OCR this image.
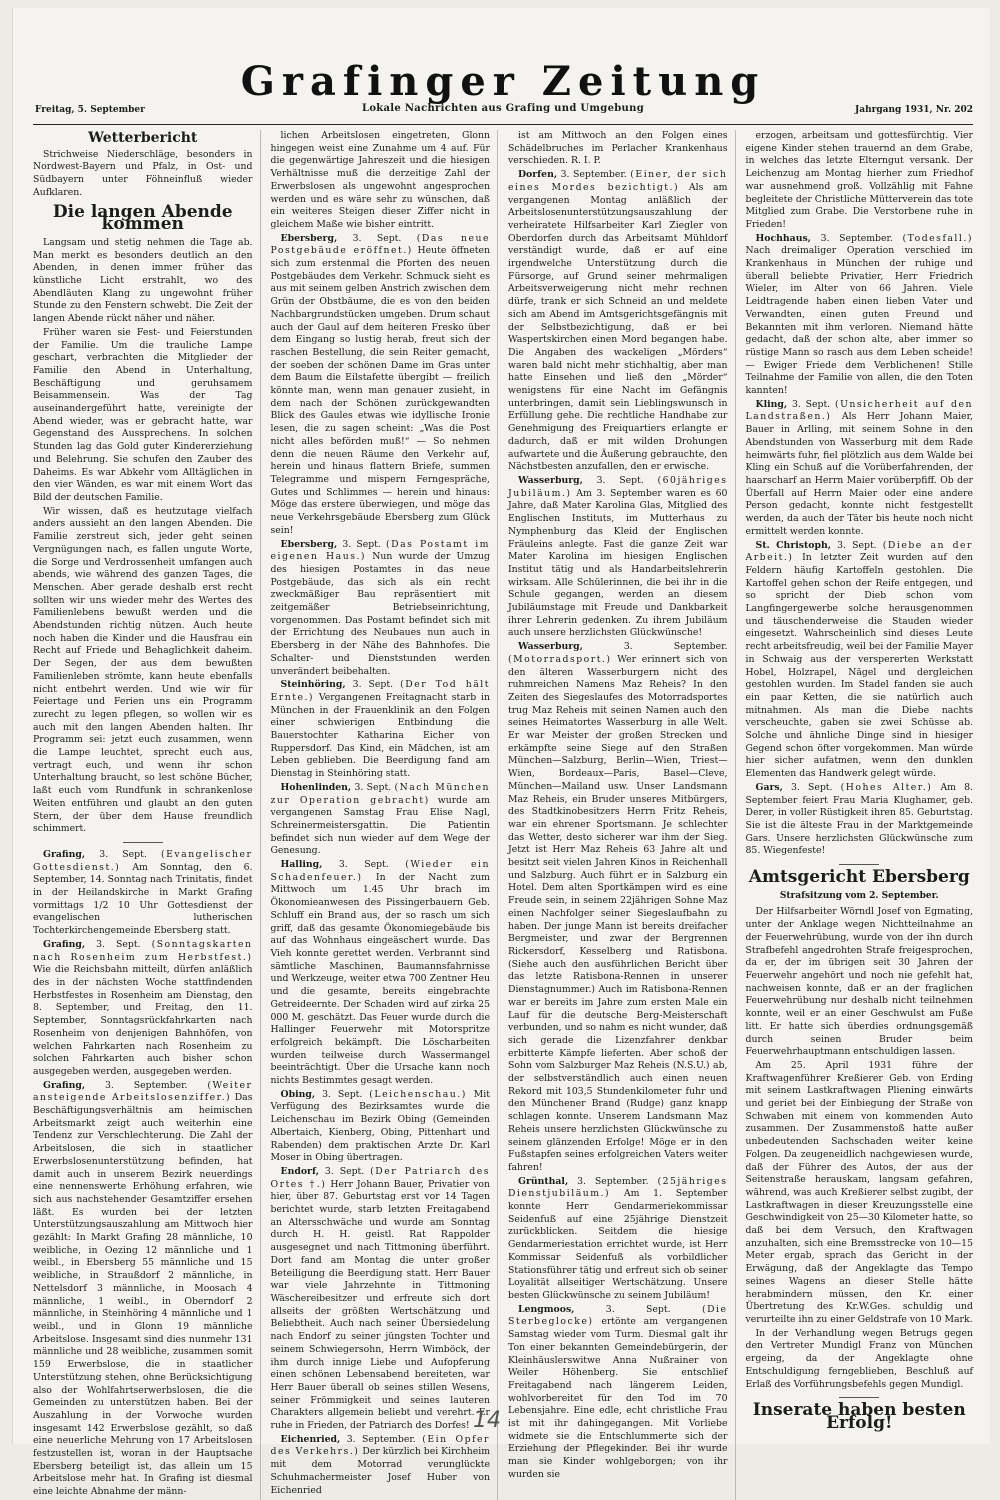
Grafinger Zeitung
Freitag, 5. September	Lokale Nachrichten aus Grafing und Umgebung	Jahrgang 1931, Nr. 202
Wetterbericht

Strichweise Niederschläge, besonders in Nordwest-Bayern und Pfalz, in Ost- und Südbayern unter Föhneinfluß wieder Aufklaren.

Die langen Abende kommen

Langsam und stetig nehmen die Tage ab. Man merkt es besonders deutlich an den Abenden, in denen immer früher das künstliche Licht erstrahlt, wo des Abendläuten Klang zu ungewohnt früher Stunde zu den Fenstern schwebt. Die Zeit der langen Abende rückt näher und näher.

Früher waren sie Fest- und Feierstunden der Familie. Um die trauliche Lampe geschart, verbrachten die Mitglieder der Familie den Abend in Unterhaltung, Beschäftigung und geruhsamem Beisammensein. Was der Tag auseinandergeführt hatte, vereinigte der Abend wieder, was er gebracht hatte, war Gegenstand des Aussprechens. In solchen Stunden lag das Gold guter Kindererziehung und Belehrung. Sie schufen den Zauber des Daheims. Es war Abkehr vom Alltäglichen in den vier Wänden, es war mit einem Wort das Bild der deutschen Familie.

Wir wissen, daß es heutzutage vielfach anders aussieht an den langen Abenden. Die Familie zerstreut sich, jeder geht seinen Vergnügungen nach, es fallen ungute Worte, die Sorge und Verdrossenheit umfangen auch abends, wie während des ganzen Tages, die Menschen. Aber gerade deshalb erst recht sollten wir uns wieder mehr des Wertes des Familienlebens bewußt werden und die Abendstunden richtig nützen. Auch heute noch haben die Kinder und die Hausfrau ein Recht auf Friede und Behaglichkeit daheim. Der Segen, der aus dem bewußten Familienleben strömte, kann heute ebenfalls nicht entbehrt werden. Und wie wir für Feiertage und Ferien uns ein Programm zurecht zu legen pflegen, so wollen wir es auch mit den langen Abenden halten. Ihr Programm sei: jetzt euch zusammen, wenn die Lampe leuchtet, sprecht euch aus, vertragt euch, und wenn ihr schon Unterhaltung braucht, so lest schöne Bücher, laßt euch vom Rundfunk in schrankenlose Weiten entführen und glaubt an den guten Stern, der über dem Hause freundlich schimmert.

Grafing, 3. Sept. (Evangelischer Gottesdienst.) Am Sonntag, den 6. September, 14. Sonntag nach Trinitatis, findet in der Heilandskirche in Markt Grafing vormittags 1/2 10 Uhr Gottesdienst der evangelischen lutherischen Tochterkirchengemeinde Ebersberg statt.

Grafing, 3. Sept. (Sonntagskarten nach Rosenheim zum Herbstfest.) Wie die Reichsbahn mitteilt, dürfen anläßlich des in der nächsten Woche stattfindenden Herbstfestes in Rosenheim am Dienstag, den 8. September, und Freitag, den 11. September, Sonntagsrückfahrkarten nach Rosenheim von denjenigen Bahnhöfen, von welchen Fahrkarten nach Rosenheim zu solchen Fahrkarten auch bisher schon ausgegeben werden, ausgegeben werden.

Grafing, 3. September. (Weiter ansteigende Arbeitslosenziffer.) Das Beschäftigungsverhältnis am heimischen Arbeitsmarkt zeigt auch weiterhin eine Tendenz zur Verschlechterung. Die Zahl der Arbeitslosen, die sich in staatlicher Erwerbslosenunterstützung befinden, hat damit auch in unserem Bezirk neuerdings eine nennenswerte Erhöhung erfahren, wie sich aus nachstehender Gesamtziffer ersehen läßt. Es wurden bei der letzten Unterstützungsauszahlung am Mittwoch hier gezählt: In Markt Grafing 28 männliche, 10 weibliche, in Oezing 12 männliche und 1 weibl., in Ebersberg 55 männliche und 15 weibliche, in Straußdorf 2 männliche, in Nettelsdorf 3 männliche, in Moosach 4 männliche, 1 weibl., in Oberndorf 2 männliche, in Steinhöring 4 männliche und 1 weibl., und in Glonn 19 männliche Arbeitslose. Insgesamt sind dies nunmehr 131 männliche und 28 weibliche, zusammen somit 159 Erwerbslose, die in staatlicher Unterstützung stehen, ohne Berücksichtigung also der Wohlfahrtserwerbslosen, die die Gemeinden zu unterstützen haben. Bei der Auszahlung in der Vorwoche wurden insgesamt 142 Erwerbslose gezählt, so daß eine neuerliche Mehrung von 17 Arbeitslosen festzustellen ist, woran in der Hauptsache Ebersberg beteiligt ist, das allein um 15 Arbeitslose mehr hat. In Grafing ist diesmal eine leichte Abnahme der männ-

lichen Arbeitslosen eingetreten, Glonn hingegen weist eine Zunahme um 4 auf. Für die gegenwärtige Jahreszeit und die hiesigen Verhältnisse muß die derzeitige Zahl der Erwerbslosen als ungewohnt angesprochen werden und es wäre sehr zu wünschen, daß ein weiteres Steigen dieser Ziffer nicht in gleichem Maße wie bisher eintritt.

Ebersberg, 3. Sept. (Das neue Postgebäude eröffnet.) Heute öffneten sich zum erstenmal die Pforten des neuen Postgebäudes dem Verkehr. Schmuck sieht es aus mit seinem gelben Anstrich zwischen dem Grün der Obstbäume, die es von den beiden Nachbargrundstücken umgeben. Drum schaut auch der Gaul auf dem heiteren Fresko über dem Eingang so lustig herab, freut sich der raschen Bestellung, die sein Reiter gemacht, der soeben der schönen Dame im Gras unter dem Baum die Eilstafette übergibt — freilich könnte man, wenn man genauer zusieht, in dem nach der Schönen zurückgewandten Blick des Gaules etwas wie idyllische Ironie lesen, die zu sagen scheint: „Was die Post nicht alles beförden muß!“ — So nehmen denn die neuen Räume den Verkehr auf, herein und hinaus flattern Briefe, summen Telegramme und mispern Ferngespräche, Gutes und Schlimmes — herein und hinaus: Möge das erstere überwiegen, und möge das neue Verkehrsgebäude Ebersberg zum Glück sein!

Ebersberg, 3. Sept. (Das Postamt im eigenen Haus.) Nun wurde der Umzug des hiesigen Postamtes in das neue Postgebäude, das sich als ein recht zweckmäßiger Bau repräsentiert mit zeitgemäßer Betriebseinrichtung, vorgenommen. Das Postamt befindet sich mit der Errichtung des Neubaues nun auch in Ebersberg in der Nähe des Bahnhofes. Die Schalter- und Dienststunden werden unverändert beibehalten.

Steinhöring, 3. Sept. (Der Tod hält Ernte.) Vergangenen Freitagnacht starb in München in der Frauenklinik an den Folgen einer schwierigen Entbindung die Bauerstochter Katharina Eicher von Ruppersdorf. Das Kind, ein Mädchen, ist am Leben geblieben. Die Beerdigung fand am Dienstag in Steinhöring statt.

Hohenlinden, 3. Sept. (Nach München zur Operation gebracht) wurde am vergangenen Samstag Frau Elise Nagl, Schreinermeistersgattin. Die Patientin befindet sich nun wieder auf dem Wege der Genesung.

Halling, 3. Sept. (Wieder ein Schadenfeuer.) In der Nacht zum Mittwoch um 1.45 Uhr brach im Ökonomieanwesen des Pissingerbauern Geb. Schluff ein Brand aus, der so rasch um sich griff, daß das gesamte Ökonomiegebäude bis auf das Wohnhaus eingeäschert wurde. Das Vieh konnte gerettet werden. Verbrannt sind sämtliche Maschinen, Baumannsfahrnisse und Werkzeuge, weiter etwa 700 Zentner Heu und die gesamte, bereits eingebrachte Getreideernte. Der Schaden wird auf zirka 25 000 M. geschätzt. Das Feuer wurde durch die Hallinger Feuerwehr mit Motorspritze erfolgreich bekämpft. Die Löscharbeiten wurden teilweise durch Wassermangel beeinträchtigt. Über die Ursache kann noch nichts Bestimmtes gesagt werden.

Obing, 3. Sept. (Leichenschau.) Mit Verfügung des Bezirksamtes wurde die Leichenschau im Bezirk Obing (Gemeinden Albertaich, Kienberg, Obing, Pittenhart und Rabenden) dem praktischen Arzte Dr. Karl Moser in Obing übertragen.

Endorf, 3. Sept. (Der Patriarch des Ortes †.) Herr Johann Bauer, Privatier von hier, über 87. Geburtstag erst vor 14 Tagen berichtet wurde, starb letzten Freitagabend an Altersschwäche und wurde am Sonntag durch H. H. geistl. Rat Rappolder ausgesegnet und nach Tittmoning überführt. Dort fand am Montag die unter großer Beteiligung die Beerdigung statt. Herr Bauer war viele Jahrzehnte in Tittmoning Wäschereibesitzer und erfreute sich dort allseits der größten Wertschätzung und Beliebtheit. Auch nach seiner Übersiedelung nach Endorf zu seiner jüngsten Tochter und seinem Schwiegersohn, Herrn Wimböck, der ihm durch innige Liebe und Aufopferung einen schönen Lebensabend bereiteten, war Herr Bauer überall ob seines stillen Wesens, seiner Frömmigkeit und seines lauteren Charakters allgemein beliebt und verehrt. Er ruhe in Frieden, der Patriarch des Dorfes!

Eichenried, 3. September. (Ein Opfer des Verkehrs.) Der kürzlich bei Kirchheim mit dem Motorrad verunglückte Schuhmachermeister Josef Huber von Eichenried

ist am Mittwoch an den Folgen eines Schädelbruches im Perlacher Krankenhaus verschieden. R. I. P.

Dorfen, 3. September. (Einer, der sich eines Mordes bezichtigt.) Als am vergangenen Montag anläßlich der Arbeitslosenunterstützungsauszahlung der verheiratete Hilfsarbeiter Karl Ziegler von Oberdorfen durch das Arbeitsamt Mühldorf verständigt wurde, daß er auf eine irgendwelche Unterstützung durch die Fürsorge, auf Grund seiner mehrmaligen Arbeitsverweigerung nicht mehr rechnen dürfe, trank er sich Schneid an und meldete sich am Abend im Amtsgerichtsgefängnis mit der Selbstbezichtigung, daß er bei Waspertskirchen einen Mord begangen habe. Die Angaben des wackeligen „Mörders“ waren bald nicht mehr stichhaltig, aber man hatte Einsehen und ließ den „Mörder“ wenigstens für eine Nacht im Gefängnis unterbringen, damit sein Lieblingswunsch in Erfüllung gehe. Die rechtliche Handhabe zur Genehmigung des Freiquartiers erlangte er dadurch, daß er mit wilden Drohungen aufwartete und die Äußerung gebrauchte, den Nächstbesten anzufallen, den er erwische.

Wasserburg, 3. Sept. (60jähriges Jubiläum.) Am 3. September waren es 60 Jahre, daß Mater Karolina Glas, Mitglied des Englischen Instituts, im Mutterhaus zu Nymphenburg das Kleid der Englischen Fräuleins anlegte. Fast die ganze Zeit war Mater Karolina im hiesigen Englischen Institut tätig und als Handarbeitslehrerin wirksam. Alle Schülerinnen, die bei ihr in die Schule gegangen, werden an diesem Jubiläumstage mit Freude und Dankbarkeit ihrer Lehrerin gedenken. Zu ihrem Jubiläum auch unsere herzlichsten Glückwünsche!

Wasserburg,	3. September. (Motorradsport.) Wer erinnert sich von den älteren Wasserburgern nicht des ruhmreichen Namens Maz Reheis? In den Zeiten des Siegeslaufes des Motorradsportes trug Maz Reheis mit seinen Namen auch den seines Heimatortes Wasserburg in alle Welt. Er war Meister der großen Strecken und erkämpfte seine Siege auf den Straßen München—Salzburg, Berlin—Wien, Triest—Wien, Bordeaux—Paris, Basel—Cleve, München—Mailand usw. Unser Landsmann Maz Reheis, ein Bruder unseres Mitbürgers, des Stadtkinobesitzers Herrn Fritz Reheis, war ein ehrener Sportsmann. Je schlechter das Wetter, desto sicherer war ihm der Sieg. Jetzt ist Herr Maz Reheis 63 Jahre alt und besitzt seit vielen Jahren Kinos in Reichenhall und Salzburg. Auch führt er in Salzburg ein Hotel. Dem alten Sportkämpen wird es eine Freude sein, in seinem 22jährigen Sohne Maz einen Nachfolger seiner Siegeslaufbahn zu haben. Der junge Mann ist bereits dreifacher Bergmeister, und zwar der Bergrennen Rickersdorf, Kesselberg und Ratisbona. (Siehe auch den ausführlichen Bericht über das letzte Ratisbona-Rennen in unserer Dienstagnummer.) Auch im Ratisbona-Rennen war er bereits im Jahre zum ersten Male ein Lauf für die deutsche Berg-Meisterschaft verbunden, und so nahm es nicht wunder, daß sich gerade die Lizenzfahrer denkbar erbitterte Kämpfe lieferten. Aber schoß der Sohn vom Salzburger Maz Reheis (N.S.U.) ab, der selbstverständlich auch einen neuen Rekord mit 103,5 Stundenkilometer fuhr und den Münchener Brand (Rudge) ganz knapp schlagen konnte. Unserem Landsmann Maz Reheis unsere herzlichsten Glückwünsche zu seinem glänzenden Erfolge! Möge er in den Fußstapfen seines erfolgreichen Vaters weiter fahren!

Grünthal, 3. September. (25jähriges Dienstjubiläum.) Am 1. September konnte Herr Gendarmeriekommissar Seidenfuß auf eine 25jährige Dienstzeit zurückblicken. Seitdem die hiesige Gendarmeriestation errichtet wurde, ist Herr Kommissar Seidenfuß als vorbildlicher Stationsführer tätig und erfreut sich ob seiner Loyalität allseitiger Wertschätzung. Unsere besten Glückwünsche zu seinem Jubiläum!

Lengmoos,	3. Sept.	(Die Sterbeglocke) ertönte am vergangenen Samstag wieder vom Turm. Diesmal galt ihr Ton einer bekannten Gemeindebürgerin, der Kleinhäuslerswitwe Anna Nußrainer von Weiler Höhenberg. Sie entschlief Freitagabend nach längerem Leiden, wohlvorbereitet für den Tod im 70 Lebensjahre. Eine edle, echt christliche Frau ist mit ihr dahingegangen. Mit Vorliebe widmete sie die Entschlummerte sich der Erziehung der Pflegekinder. Bei ihr wurde man sie Kinder wohlgeborgen; von ihr wurden sie

erzogen, arbeitsam und gottesfürchtig. Vier eigene Kinder stehen trauernd an dem Grabe, in welches das letzte Elterngut versank. Der Leichenzug am Montag hierher zum Friedhof war ausnehmend groß. Vollzählig mit Fahne begleitete der Christliche Mütterverein das tote Mitglied zum Grabe. Die Verstorbene ruhe in Frieden!

Hochhaus, 3. September. (Todesfall.) Nach dreimaliger Operation verschied im Krankenhaus in München der ruhige und überall beliebte Privatier, Herr Friedrich Wieler, im Alter von 66 Jahren. Viele Leidtragende haben einen lieben Vater und Verwandten, einen guten Freund und Bekannten mit ihm verloren. Niemand hätte gedacht, daß der schon alte, aber immer so rüstige Mann so rasch aus dem Leben scheide! — Ewiger Friede dem Verblichenen! Stille Teilnahme der Familie von allen, die den Toten kannten!

Kling, 3. Sept. (Unsicherheit auf den Landstraßen.) Als Herr Johann Maier, Bauer in Arlling, mit seinem Sohne in den Abendstunden von Wasserburg mit dem Rade heimwärts fuhr, fiel plötzlich aus dem Walde bei Kling ein Schuß auf die Vorüberfahrenden, der haarscharf an Herrn Maier vorüberpfiff. Ob der Überfall auf Herrn Maier oder eine andere Person gedacht, konnte nicht festgestellt werden, da auch der Täter bis heute noch nicht ermittelt werden konnte.

St. Christoph, 3. Sept. (Diebe an der Arbeit.) In letzter Zeit wurden auf den Feldern häufig Kartoffeln gestohlen. Die Kartoffel gehen schon der Reife entgegen, und so spricht der Dieb schon vom Langfingergewerbe solche herausgenommen und täuschenderweise die Stauden wieder eingesetzt. Wahrscheinlich sind dieses Leute recht arbeitsfreudig, weil bei der Familie Mayer in Schwaig aus der verspererten Werkstatt Hobel, Holzrapel, Nägel und dergleichen gestohlen wurden. Im Stadel fanden sie auch ein paar Ketten, die sie natürlich auch mitnahmen. Als man die Diebe nachts verscheuchte, gaben sie zwei Schüsse ab. Solche und ähnliche Dinge sind in hiesiger Gegend schon öfter vorgekommen. Man würde hier sicher aufatmen, wenn den dunklen Elementen das Handwerk gelegt würde.

Gars, 3. Sept. (Hohes Alter.) Am 8. September feiert Frau Maria Klughamer, geb. Derer, in voller Rüstigkeit ihren 85. Geburtstag. Sie ist die älteste Frau in der Marktgemeinde Gars. Unsere herzlichsten Glückwünsche zum 85. Wiegenfeste!

Amtsgericht Ebersberg
Strafsitzung vom 2. September.

Der Hilfsarbeiter Wörndl Josef von Egmating, unter der Anklage wegen Nichtteilnahme an der Feuerwehrübung, wurde von der ihn durch Strafbefehl angedrohten Strafe freigesprochen, da er, der im übrigen seit 30 Jahren der Feuerwehr angehört und noch nie gefehlt hat, nachweisen konnte, daß er an der fraglichen Feuerwehrübung nur deshalb nicht teilnehmen konnte, weil er an einer Geschwulst am Fuße litt. Er hatte sich überdies ordnungsgemäß durch seinen Bruder beim Feuerwehrhauptmann entschuldigen lassen.

Am 25. April 1931 führe der Kraftwagenführer Kreßierer Geb. von Erding mit seinem Lastkraftwagen Pliening einwärts und geriet bei der Einbiegung der Straße von Schwaben mit einem von kommenden Auto zusammen. Der Zusammenstoß hatte außer unbedeutenden Sachschaden weiter keine Folgen. Da zeugeneidlich nachgewiesen wurde, daß der Führer des Autos, der aus der Seitenstraße herauskam, langsam gefahren, während, was auch Kreßierer selbst zugibt, der Lastkraftwagen in dieser Kreuzungsstelle eine Geschwindigkeit von 25—30 Kilometer hatte, so daß bei dem Versuch, den Kraftwagen anzuhalten, sich eine Bremsstrecke von 10—15 Meter ergab, sprach das Gericht in der Erwägung, daß der Angeklagte das Tempo seines Wagens an dieser Stelle hätte herabmindern müssen, den Kr. einer Übertretung des Kr.W.Ges. schuldig und verurteilte ihn zu einer Geldstrafe von 10 Mark.

In der Verhandlung wegen Betrugs gegen den Vertreter Mundigl Franz von München ergeing, da der Angeklagte ohne Entschuldigung ferngeblieben, Beschluß auf Erlaß des Vorführungsbefehls gegen Mundigl.

Inserate haben besten Erfolg!
14
